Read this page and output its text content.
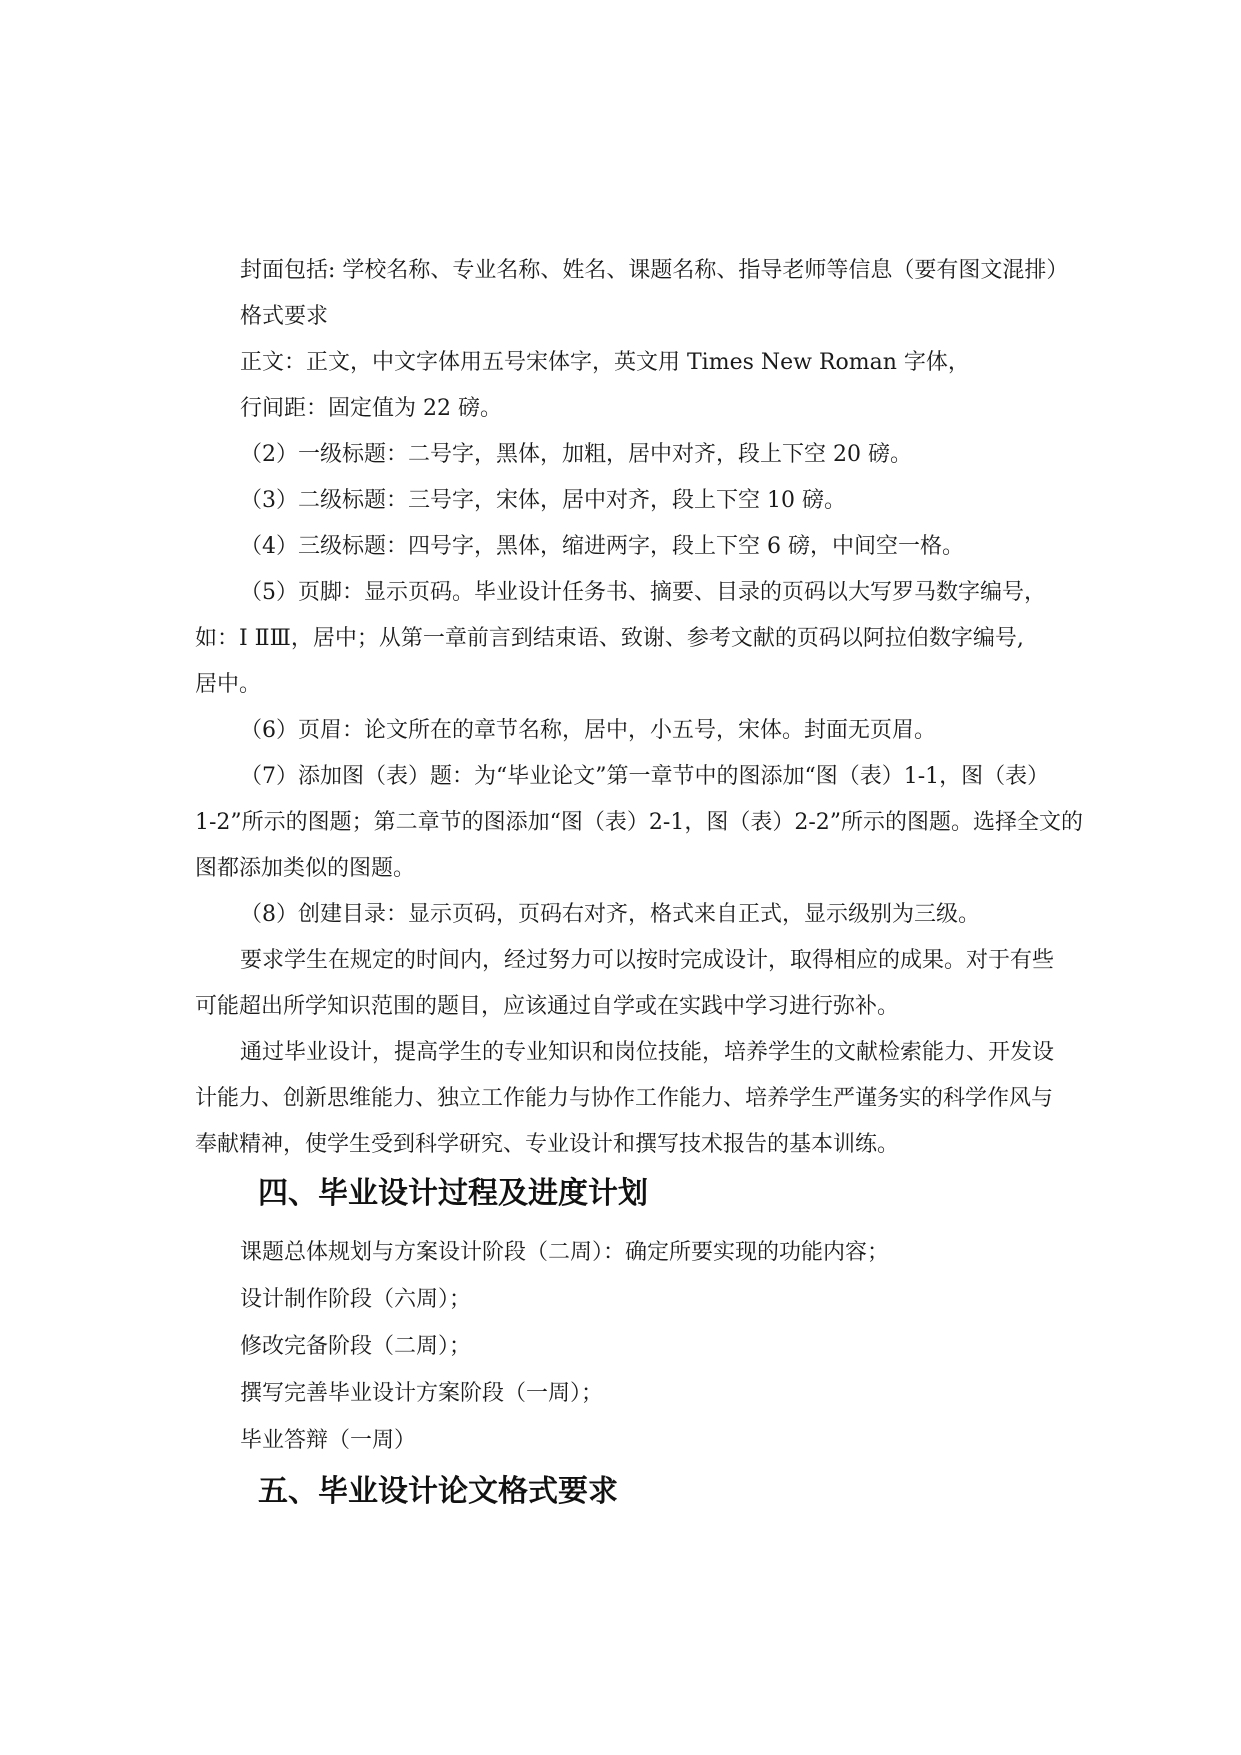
封面包括: 学校名称、专业名称、姓名、课题名称、指导老师等信息（要有图文混排）
格式要求
正文：正文，中文字体用五号宋体字，英文用 Times New Roman 字体，
行间距：固定值为 22 磅。
（2）一级标题：二号字，黑体，加粗，居中对齐，段上下空 20 磅。
（3）二级标题：三号字，宋体，居中对齐，段上下空 10 磅。
（4）三级标题：四号字，黑体，缩进两字，段上下空 6 磅，中间空一格。
（5）页脚：显示页码。毕业设计任务书、摘要、目录的页码以大写罗马数字编号，
如：Ⅰ ⅡⅢ，居中；从第一章前言到结束语、致谢、参考文献的页码以阿拉伯数字编号,
居中。
（6）页眉：论文所在的章节名称，居中，小五号，宋体。封面无页眉。
（7）添加图（表）题：为“毕业论文”第一章节中的图添加“图（表）1-1，图（表）
1-2”所示的图题；第二章节的图添加“图（表）2-1，图（表）2-2”所示的图题。选择全文的
图都添加类似的图题。
（8）创建目录：显示页码，页码右对齐，格式来自正式，显示级别为三级。
要求学生在规定的时间内，经过努力可以按时完成设计，取得相应的成果。对于有些
可能超出所学知识范围的题目，应该通过自学或在实践中学习进行弥补。
通过毕业设计，提高学生的专业知识和岗位技能，培养学生的文献检索能力、开发设
计能力、创新思维能力、独立工作能力与协作工作能力、培养学生严谨务实的科学作风与
奉献精神，使学生受到科学研究、专业设计和撰写技术报告的基本训练。
四、毕业设计过程及进度计划
课题总体规划与方案设计阶段（二周）：确定所要实现的功能内容；
设计制作阶段（六周）；
修改完备阶段（二周）；
撰写完善毕业设计方案阶段（一周）；
毕业答辩（一周）
五、毕业设计论文格式要求
